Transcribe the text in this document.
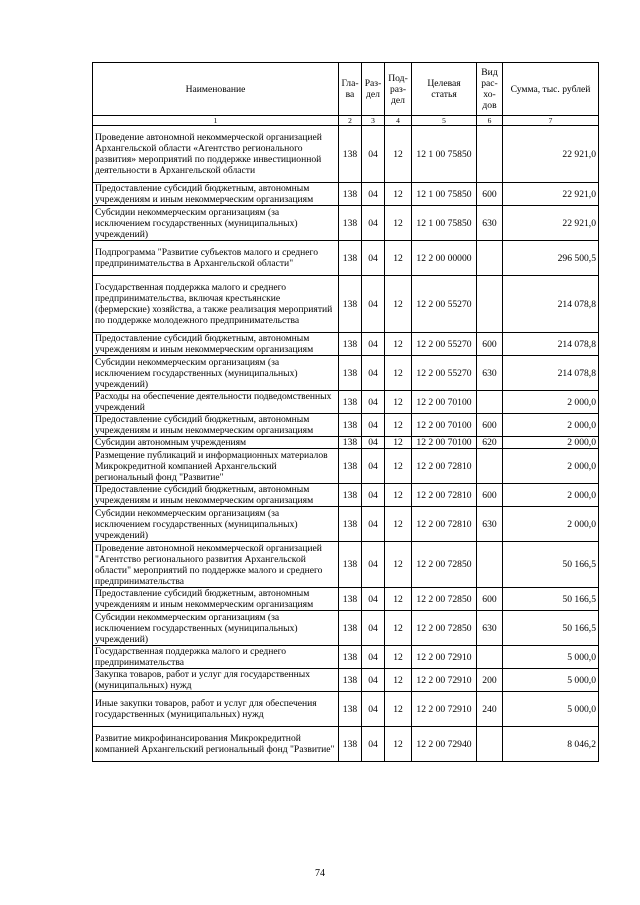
Наименование	Гла-ва	Раз-дел	Под-раз-дел	Целевая статья	Вид рас-хо-дов	Сумма, тыс. рублей
1	2	3	4	5	6	7
Проведение автономной некоммерческой организацией Архангельской области «Агентство регионального развития» мероприятий по поддержке инвестиционной деятельности в Архангельской области	138	04	12	12 1 00 75850		22 921,0
Предоставление субсидий бюджетным, автономным учреждениям и иным некоммерческим организациям	138	04	12	12 1 00 75850	600	22 921,0
Субсидии некоммерческим организациям (за исключением государственных (муниципальных) учреждений)	138	04	12	12 1 00 75850	630	22 921,0
Подпрограмма "Развитие субъектов малого и среднего предпринимательства в Архангельской области"	138	04	12	12 2 00 00000		296 500,5
Государственная поддержка малого и среднего предпринимательства, включая крестьянские (фермерские) хозяйства, а также реализация мероприятий по поддержке молодежного предпринимательства	138	04	12	12 2 00 55270		214 078,8
Предоставление субсидий бюджетным, автономным учреждениям и иным некоммерческим организациям	138	04	12	12 2 00 55270	600	214 078,8
Субсидии некоммерческим организациям (за исключением государственных (муниципальных) учреждений)	138	04	12	12 2 00 55270	630	214 078,8
Расходы на обеспечение деятельности подведомственных учреждений	138	04	12	12 2 00 70100		2 000,0
Предоставление субсидий бюджетным, автономным учреждениям и иным некоммерческим организациям	138	04	12	12 2 00 70100	600	2 000,0
Субсидии автономным учреждениям	138	04	12	12 2 00 70100	620	2 000,0
Размещение публикаций и информационных материалов Микрокредитной компанией Архангельский региональный фонд "Развитие"	138	04	12	12 2 00 72810		2 000,0
Предоставление субсидий бюджетным, автономным учреждениям и иным некоммерческим организациям	138	04	12	12 2 00 72810	600	2 000,0
Субсидии некоммерческим организациям (за исключением государственных (муниципальных) учреждений)	138	04	12	12 2 00 72810	630	2 000,0
Проведение автономной некоммерческой организацией "Агентство регионального развития Архангельской области" мероприятий по поддержке малого и среднего предпринимательства	138	04	12	12 2 00 72850		50 166,5
Предоставление субсидий бюджетным, автономным учреждениям и иным некоммерческим организациям	138	04	12	12 2 00 72850	600	50 166,5
Субсидии некоммерческим организациям (за исключением государственных (муниципальных) учреждений)	138	04	12	12 2 00 72850	630	50 166,5
Государственная поддержка малого и среднего предпринимательства	138	04	12	12 2 00 72910		5 000,0
Закупка товаров, работ и услуг для государственных (муниципальных) нужд	138	04	12	12 2 00 72910	200	5 000,0
Иные закупки товаров, работ и услуг для обеспечения государственных (муниципальных) нужд	138	04	12	12 2 00 72910	240	5 000,0
Развитие микрофинансирования Микрокредитной компанией Архангельский региональный фонд "Развитие"	138	04	12	12 2 00 72940		8 046,2
74
